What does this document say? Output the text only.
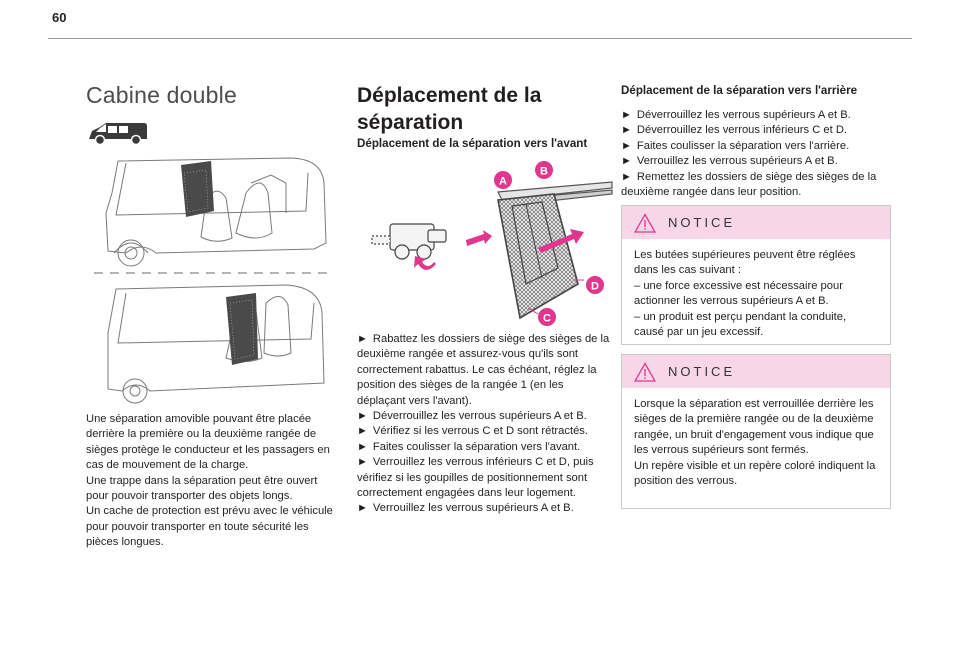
60
Cabine double

Une séparation amovible pouvant être placée derrière la première ou la deuxième rangée de sièges protège le conducteur et les passagers en cas de mouvement de la charge.

Une trappe dans la séparation peut être ouvert pour pouvoir transporter des objets longs.

Un cache de protection est prévu avec le véhicule pour pouvoir transporter en toute sécurité les pièces longues.

Déplacement de la séparation
Déplacement de la séparation vers l'avant
A
B
D
C

► Rabattez les dossiers de siège des sièges de la deuxième rangée et assurez-vous qu'ils sont correctement rabattus. Le cas échéant, réglez la position des sièges de la rangée 1 (en les déplaçant vers l'avant).

► Déverrouillez les verrous supérieurs A et B.

► Vérifiez si les verrous C et D sont rétractés.

► Faites coulisser la séparation vers l'avant.

► Verrouillez les verrous inférieurs C et D, puis vérifiez si les goupilles de positionnement sont correctement engagées dans leur logement.

► Verrouillez les verrous supérieurs A et B.

Déplacement de la séparation vers l'arrière

► Déverrouillez les verrous supérieurs A et B.

► Déverrouillez les verrous inférieurs C et D.

► Faites coulisser la séparation vers l'arrière.

► Verrouillez les verrous supérieurs A et B.

► Remettez les dossiers de siège des sièges de la deuxième rangée dans leur position.

NOTICE

Les butées supérieures peuvent être réglées dans les cas suivant :

– une force excessive est nécessaire pour actionner les verrous supérieurs A et B.

– un produit est perçu pendant la conduite, causé par un jeu excessif.

NOTICE

Lorsque la séparation est verrouillée derrière les sièges de la première rangée ou de la deuxième rangée, un bruit d'engagement vous indique que les verrous supérieurs sont fermés.

Un repère visible et un repère coloré indiquent la position des verrous.
